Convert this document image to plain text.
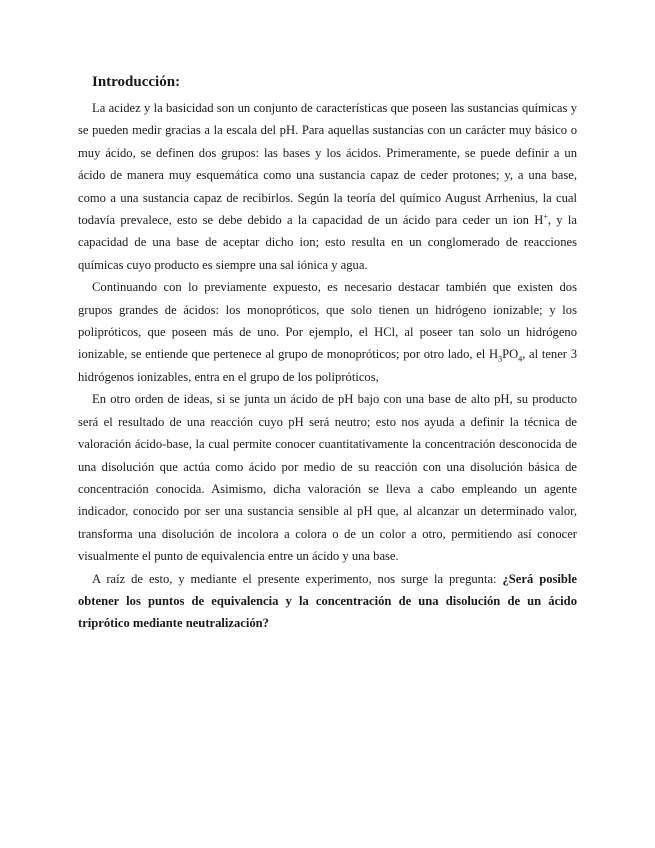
Introducción:

La acidez y la basicidad son un conjunto de características que poseen las sustancias químicas y se pueden medir gracias a la escala del pH. Para aquellas sustancias con un carácter muy básico o muy ácido, se definen dos grupos: las bases y los ácidos. Primeramente, se puede definir a un ácido de manera muy esquemática como una sustancia capaz de ceder protones; y, a una base, como a una sustancia capaz de recibirlos. Según la teoría del químico August Arrhenius, la cual todavía prevalece, esto se debe debido a la capacidad de un ácido para ceder un ion H+, y la capacidad de una base de aceptar dicho ion; esto resulta en un conglomerado de reacciones químicas cuyo producto es siempre una sal iónica y agua.

Continuando con lo previamente expuesto, es necesario destacar también que existen dos grupos grandes de ácidos: los monopróticos, que solo tienen un hidrógeno ionizable; y los polipróticos, que poseen más de uno. Por ejemplo, el HCl, al poseer tan solo un hidrógeno ionizable, se entiende que pertenece al grupo de monopróticos; por otro lado, el $H_3PO_4$, al tener 3 hidrógenos ionizables, entra en el grupo de los polipróticos,

En otro orden de ideas, si se junta un ácido de pH bajo con una base de alto pH, su producto será el resultado de una reacción cuyo pH será neutro; esto nos ayuda a definir la técnica de valoración ácido-base, la cual permite conocer cuantitativamente la concentración desconocida de una disolución que actúa como ácido por medio de su reacción con una disolución básica de concentración conocida. Asimismo, dicha valoración se lleva a cabo empleando un agente indicador, conocido por ser una sustancia sensible al pH que, al alcanzar un determinado valor, transforma una disolución de incolora a colora o de un color a otro, permitiendo así conocer visualmente el punto de equivalencia entre un ácido y una base.

A raíz de esto, y mediante el presente experimento, nos surge la pregunta: ¿Será posible obtener los puntos de equivalencia y la concentración de una disolución de un ácido triprótico mediante neutralización?
